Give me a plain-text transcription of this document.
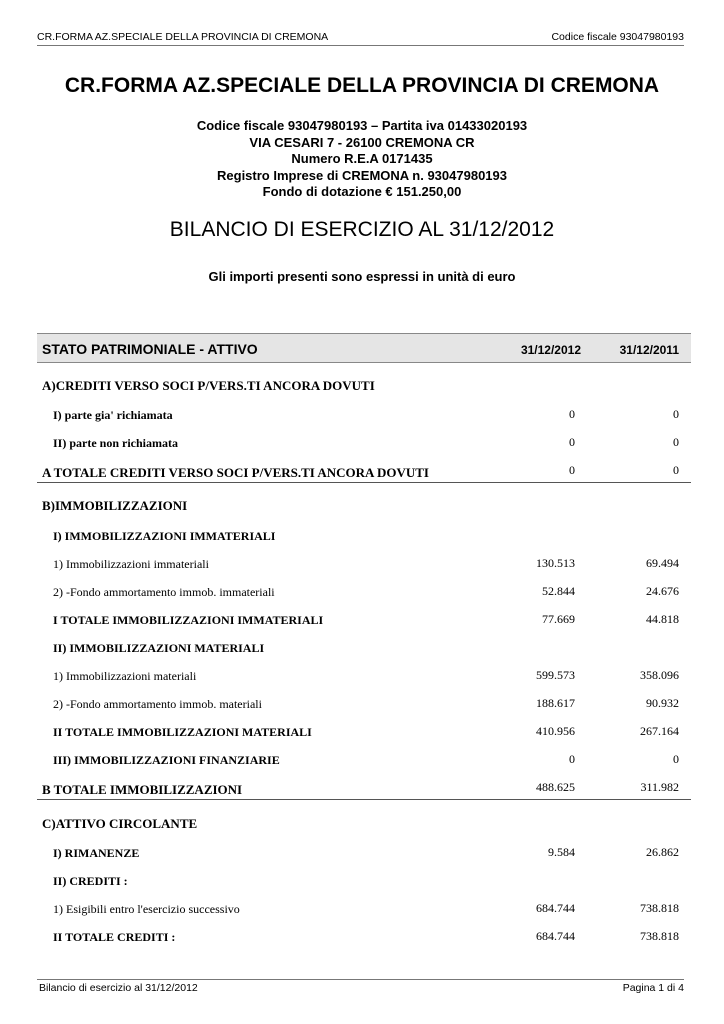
CR.FORMA AZ.SPECIALE DELLA PROVINCIA DI CREMONA	Codice fiscale 93047980193
CR.FORMA AZ.SPECIALE DELLA PROVINCIA DI CREMONA
Codice fiscale 93047980193 – Partita iva 01433020193
VIA CESARI 7 - 26100 CREMONA CR
Numero R.E.A 0171435
Registro Imprese di CREMONA n. 93047980193
Fondo di dotazione € 151.250,00
BILANCIO DI ESERCIZIO AL 31/12/2012
Gli importi presenti sono espressi in unità di euro
STATO PATRIMONIALE - ATTIVO	31/12/2012	31/12/2011
A)CREDITI VERSO SOCI P/VERS.TI ANCORA DOVUTI
I) parte gia' richiamata	0	0
II) parte non richiamata	0	0
A TOTALE CREDITI VERSO SOCI P/VERS.TI ANCORA DOVUTI	0	0
B)IMMOBILIZZAZIONI
I) IMMOBILIZZAZIONI IMMATERIALI
1) Immobilizzazioni immateriali	130.513	69.494
2) -Fondo ammortamento immob. immateriali	52.844	24.676
I TOTALE IMMOBILIZZAZIONI IMMATERIALI	77.669	44.818
II) IMMOBILIZZAZIONI MATERIALI
1) Immobilizzazioni materiali	599.573	358.096
2) -Fondo ammortamento immob. materiali	188.617	90.932
II TOTALE IMMOBILIZZAZIONI MATERIALI	410.956	267.164
III) IMMOBILIZZAZIONI FINANZIARIE	0	0
B TOTALE IMMOBILIZZAZIONI	488.625	311.982
C)ATTIVO CIRCOLANTE
I) RIMANENZE	9.584	26.862
II) CREDITI :
1) Esigibili entro l'esercizio successivo	684.744	738.818
II TOTALE CREDITI :	684.744	738.818
Bilancio di esercizio al 31/12/2012	Pagina 1 di 4
